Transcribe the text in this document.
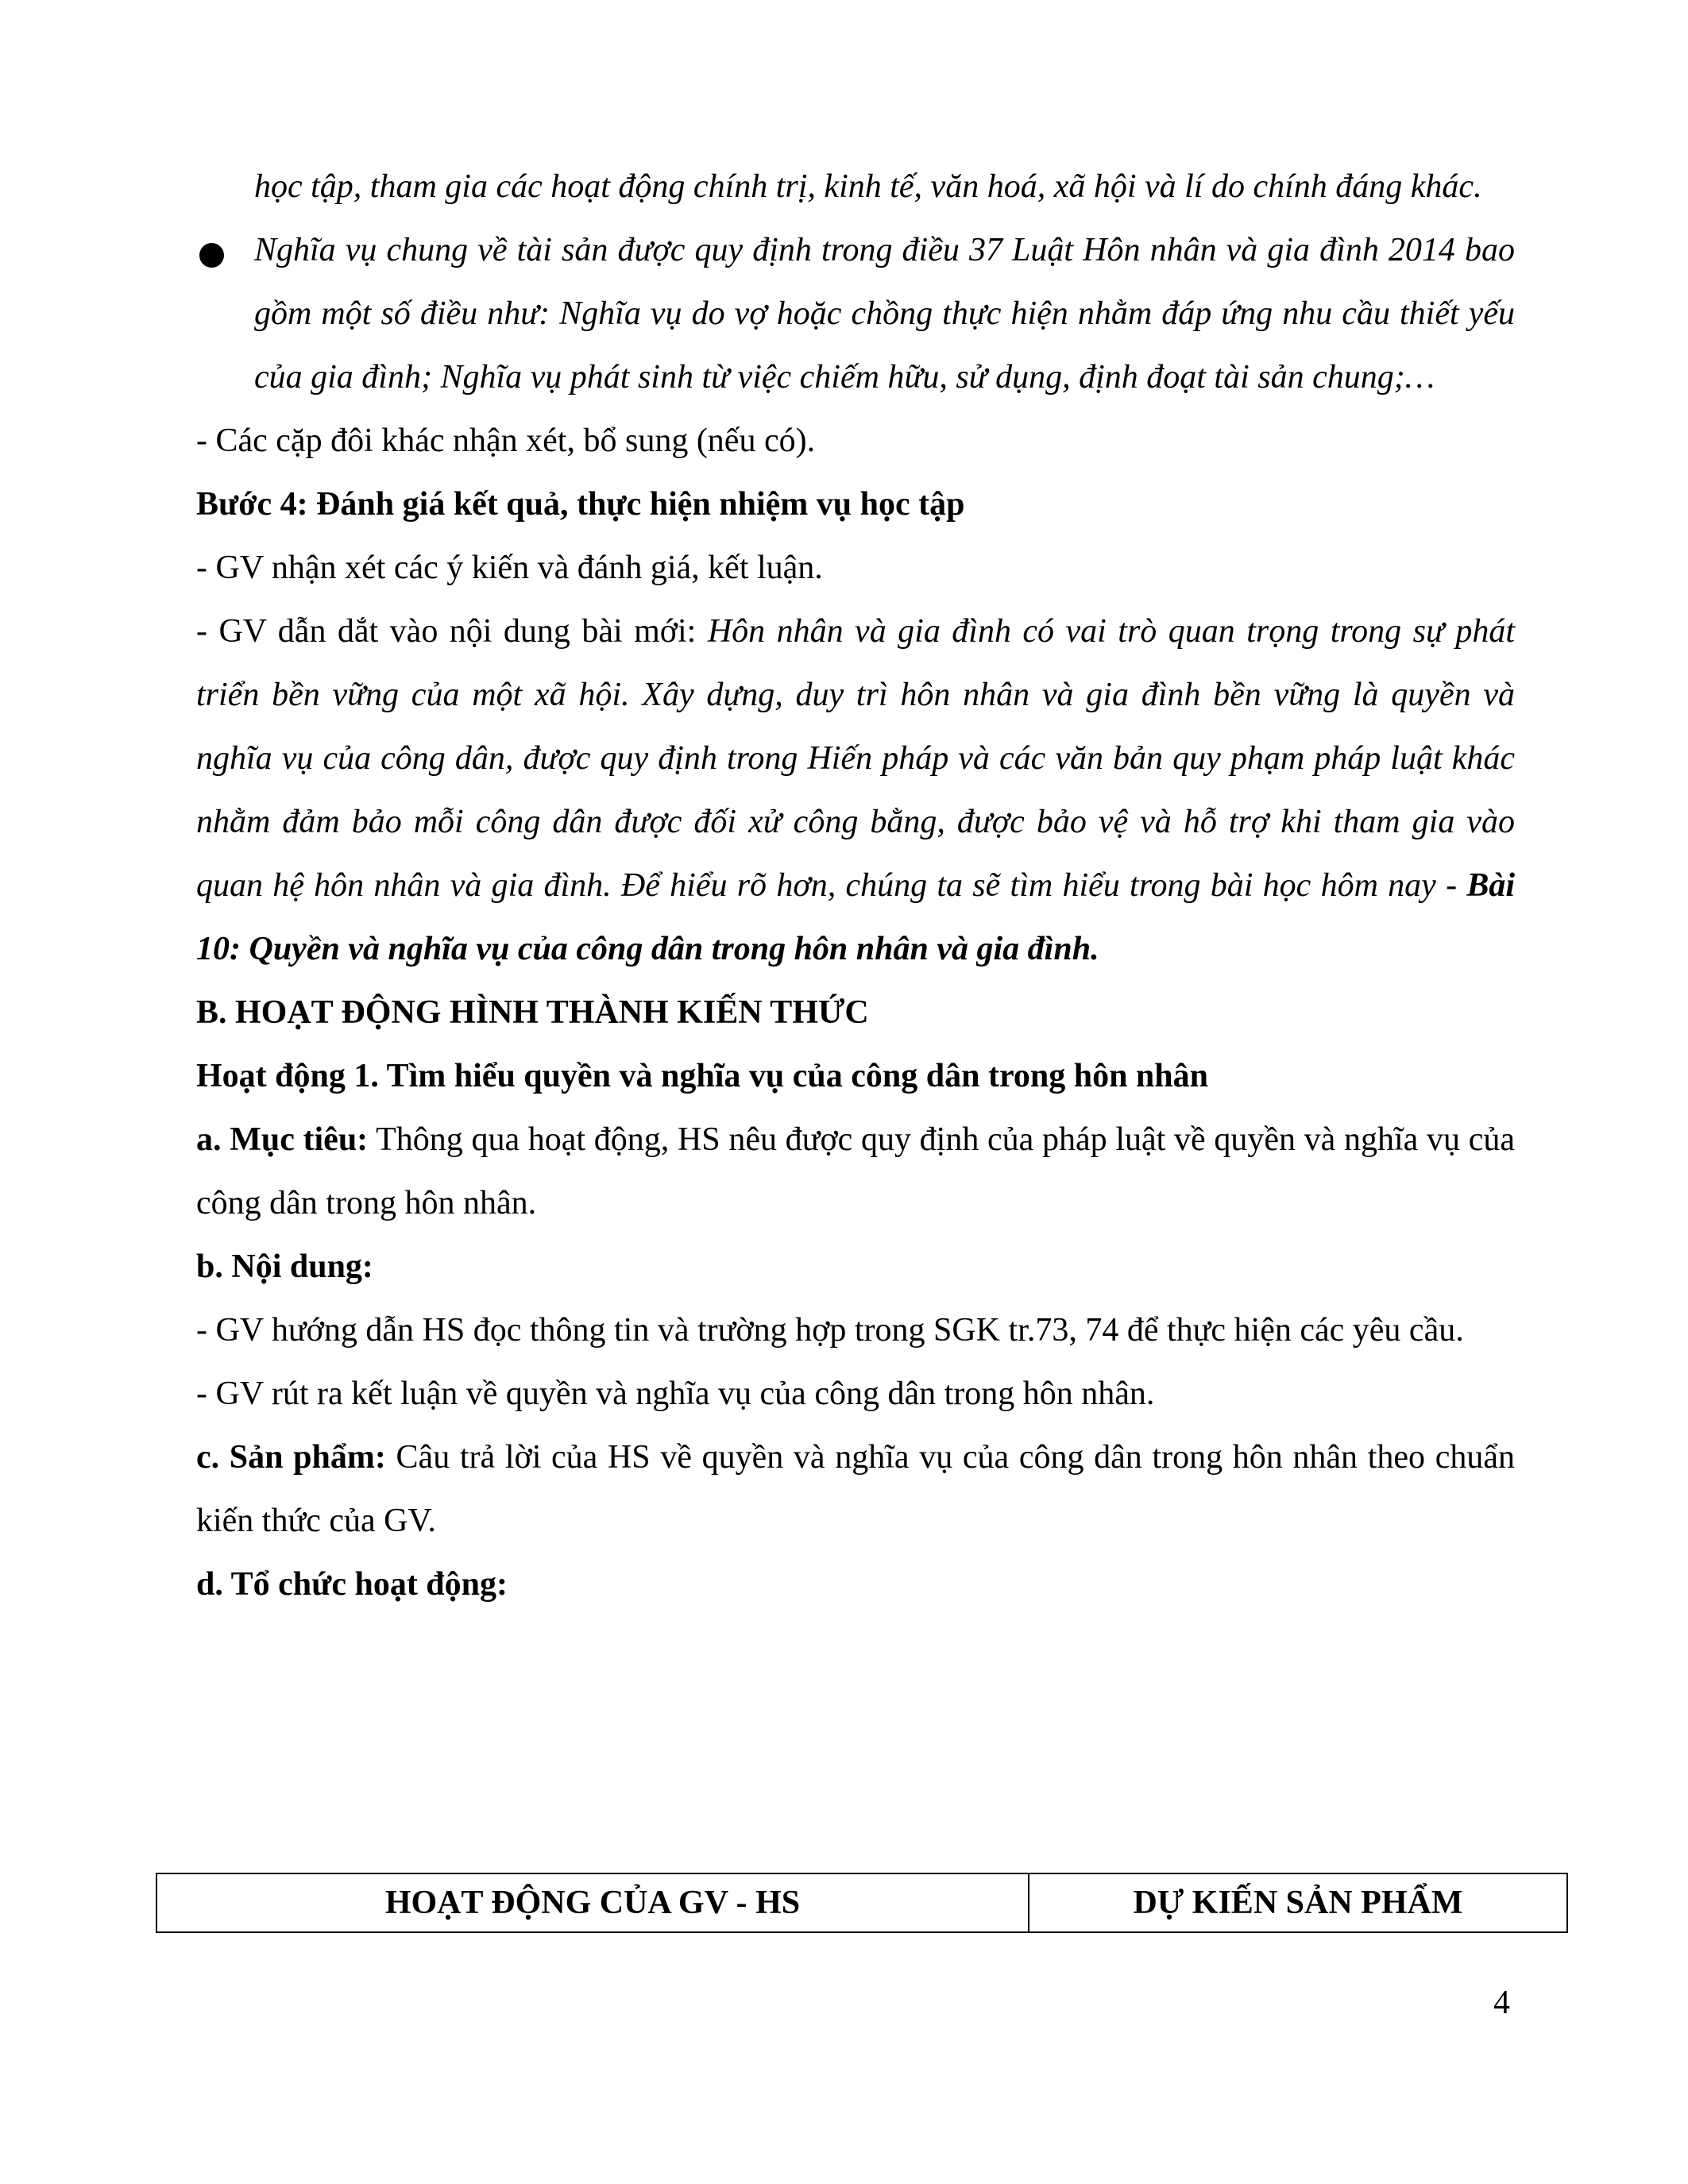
học tập, tham gia các hoạt động chính trị, kinh tế, văn hoá, xã hội và lí do chính đáng khác.

Nghĩa vụ chung về tài sản được quy định trong điều 37 Luật Hôn nhân và gia đình 2014 bao gồm một số điều như: Nghĩa vụ do vợ hoặc chồng thực hiện nhằm đáp ứng nhu cầu thiết yếu của gia đình; Nghĩa vụ phát sinh từ việc chiếm hữu, sử dụng, định đoạt tài sản chung;…

- Các cặp đôi khác nhận xét, bổ sung (nếu có).

Bước 4: Đánh giá kết quả, thực hiện nhiệm vụ học tập

- GV nhận xét các ý kiến và đánh giá, kết luận.

- GV dẫn dắt vào nội dung bài mới: Hôn nhân và gia đình có vai trò quan trọng trong sự phát triển bền vững của một xã hội. Xây dựng, duy trì hôn nhân và gia đình bền vững là quyền và nghĩa vụ của công dân, được quy định trong Hiến pháp và các văn bản quy phạm pháp luật khác nhằm đảm bảo mỗi công dân được đối xử công bằng, được bảo vệ và hỗ trợ khi tham gia vào quan hệ hôn nhân và gia đình. Để hiểu rõ hơn, chúng ta sẽ tìm hiểu trong bài học hôm nay - Bài 10: Quyền và nghĩa vụ của công dân trong hôn nhân và gia đình.

B. HOẠT ĐỘNG HÌNH THÀNH KIẾN THỨC

Hoạt động 1. Tìm hiểu quyền và nghĩa vụ của công dân trong hôn nhân

a. Mục tiêu: Thông qua hoạt động, HS nêu được quy định của pháp luật về quyền và nghĩa vụ của công dân trong hôn nhân.

b. Nội dung:

- GV hướng dẫn HS đọc thông tin và trường hợp trong SGK tr.73, 74 để thực hiện các yêu cầu.

- GV rút ra kết luận về quyền và nghĩa vụ của công dân trong hôn nhân.

c. Sản phẩm: Câu trả lời của HS về quyền và nghĩa vụ của công dân trong hôn nhân theo chuẩn kiến thức của GV.

d. Tổ chức hoạt động:

HOẠT ĐỘNG CỦA GV - HS	DỰ KIẾN SẢN PHẨM
4
